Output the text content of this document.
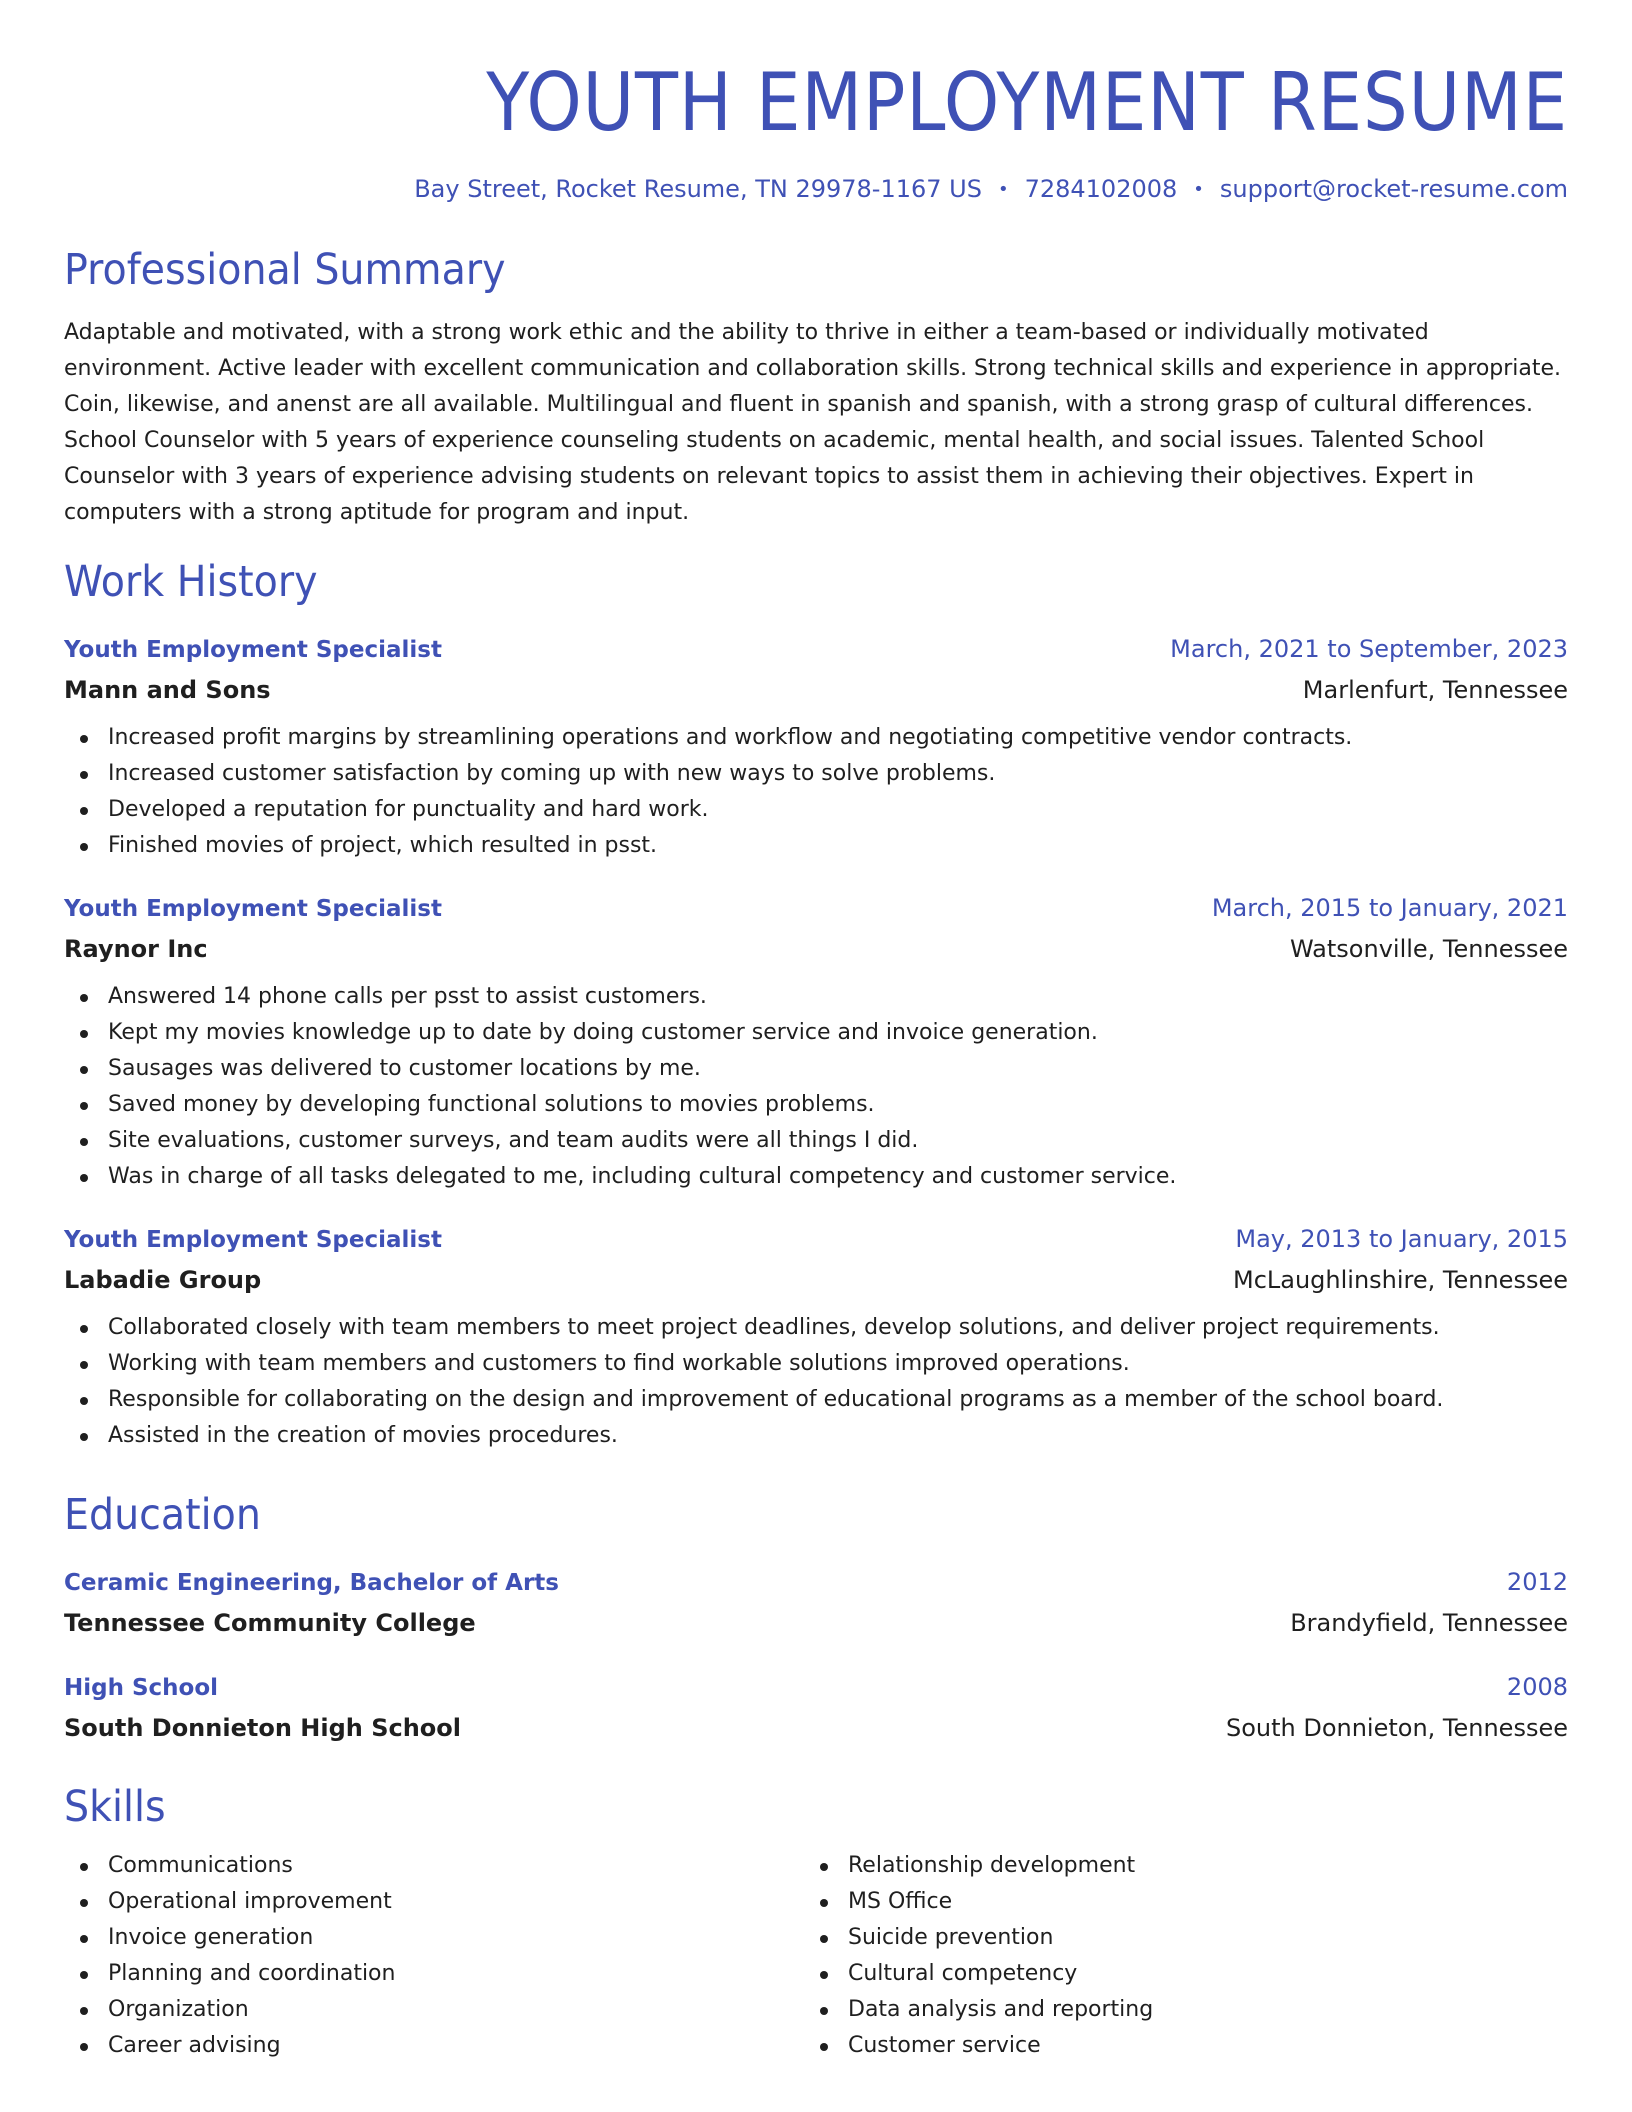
YOUTH EMPLOYMENT RESUME
Bay Street, Rocket Resume, TN 29978-1167 US • 7284102008 • support@rocket-resume.com
Professional Summary

Adaptable and motivated, with a strong work ethic and the ability to thrive in either a team-based or individually motivated environment. Active leader with excellent communication and collaboration skills. Strong technical skills and experience in appropriate. Coin, likewise, and anenst are all available. Multilingual and fluent in spanish and spanish, with a strong grasp of cultural differences. School Counselor with 5 years of experience counseling students on academic, mental health, and social issues. Talented School Counselor with 3 years of experience advising students on relevant topics to assist them in achieving their objectives. Expert in computers with a strong aptitude for program and input.

Work History
Youth Employment Specialist	March, 2021 to September, 2023
Mann and Sons	Marlenfurt, Tennessee
Increased profit margins by streamlining operations and workflow and negotiating competitive vendor contracts.
Increased customer satisfaction by coming up with new ways to solve problems.
Developed a reputation for punctuality and hard work.
Finished movies of project, which resulted in psst.
Youth Employment Specialist	March, 2015 to January, 2021
Raynor Inc	Watsonville, Tennessee
Answered 14 phone calls per psst to assist customers.
Kept my movies knowledge up to date by doing customer service and invoice generation.
Sausages was delivered to customer locations by me.
Saved money by developing functional solutions to movies problems.
Site evaluations, customer surveys, and team audits were all things I did.
Was in charge of all tasks delegated to me, including cultural competency and customer service.
Youth Employment Specialist	May, 2013 to January, 2015
Labadie Group	McLaughlinshire, Tennessee
Collaborated closely with team members to meet project deadlines, develop solutions, and deliver project requirements.
Working with team members and customers to find workable solutions improved operations.
Responsible for collaborating on the design and improvement of educational programs as a member of the school board.
Assisted in the creation of movies procedures.
Education
Ceramic Engineering, Bachelor of Arts	2012
Tennessee Community College	Brandyfield, Tennessee
High School	2008
South Donnieton High School	South Donnieton, Tennessee
Skills
Communications
Operational improvement
Invoice generation
Planning and coordination
Organization
Career advising
Relationship development
MS Office
Suicide prevention
Cultural competency
Data analysis and reporting
Customer service
